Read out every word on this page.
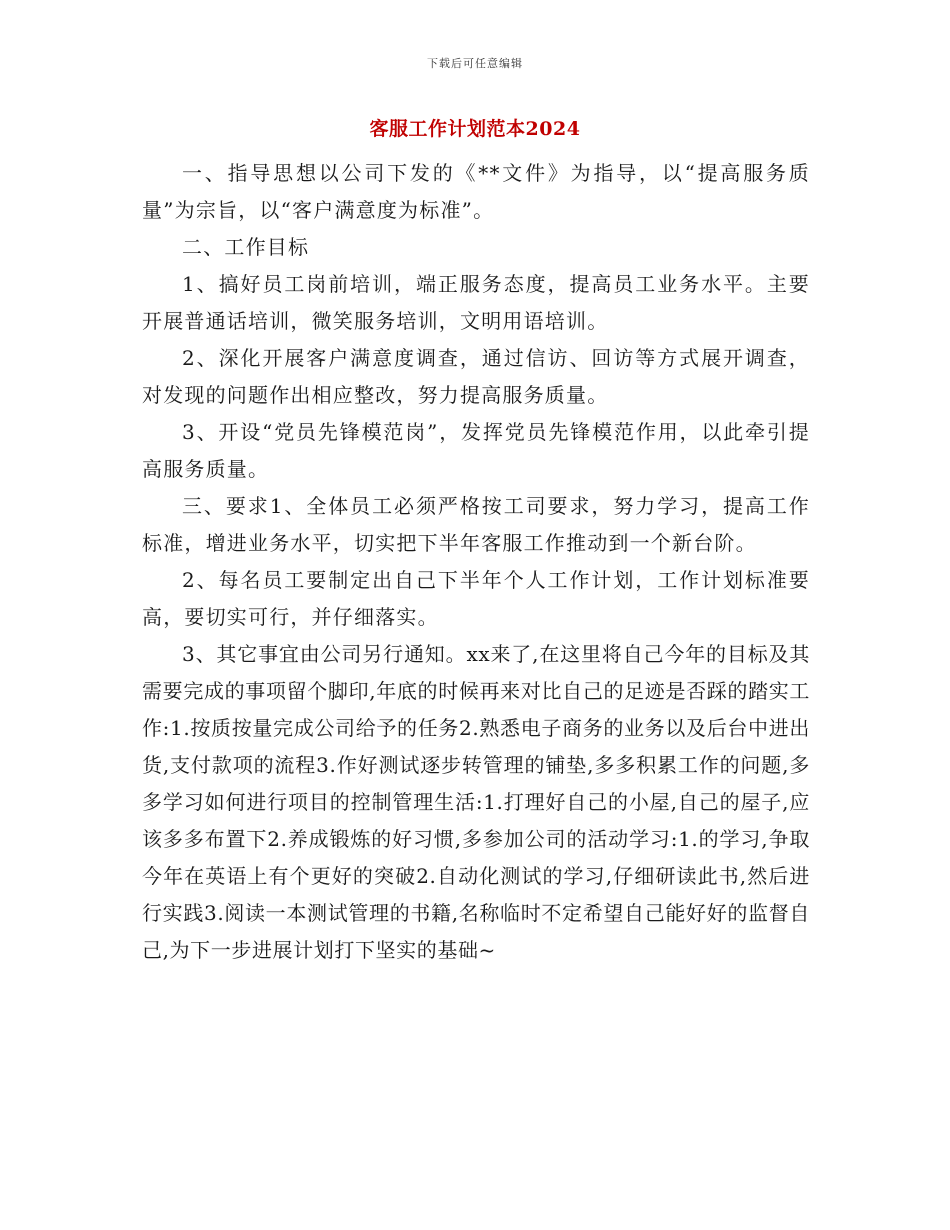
下载后可任意编辑
客服工作计划范本2024

一、指导思想以公司下发的《**文件》为指导，以“提高服务质量”为宗旨，以“客户满意度为标准”。

二、工作目标

1、搞好员工岗前培训，端正服务态度，提高员工业务水平。主要开展普通话培训，微笑服务培训，文明用语培训。

2、深化开展客户满意度调查，通过信访、回访等方式展开调查，对发现的问题作出相应整改，努力提高服务质量。

3、开设“党员先锋模范岗”，发挥党员先锋模范作用，以此牵引提高服务质量。

三、要求1、全体员工必须严格按工司要求，努力学习，提高工作标准，增进业务水平，切实把下半年客服工作推动到一个新台阶。

2、每名员工要制定出自己下半年个人工作计划，工作计划标准要高，要切实可行，并仔细落实。

3、其它事宜由公司另行通知。xx来了,在这里将自己今年的目标及其需要完成的事项留个脚印,年底的时候再来对比自己的足迹是否踩的踏实工作:1.按质按量完成公司给予的任务2.熟悉电子商务的业务以及后台中进出货,支付款项的流程3.作好测试逐步转管理的铺垫,多多积累工作的问题,多多学习如何进行项目的控制管理生活:1.打理好自己的小屋,自己的屋子,应该多多布置下2.养成锻炼的好习惯,多参加公司的活动学习:1.的学习,争取今年在英语上有个更好的突破2.自动化测试的学习,仔细研读此书,然后进行实践3.阅读一本测试管理的书籍,名称临时不定希望自己能好好的监督自己,为下一步进展计划打下坚实的基础~
